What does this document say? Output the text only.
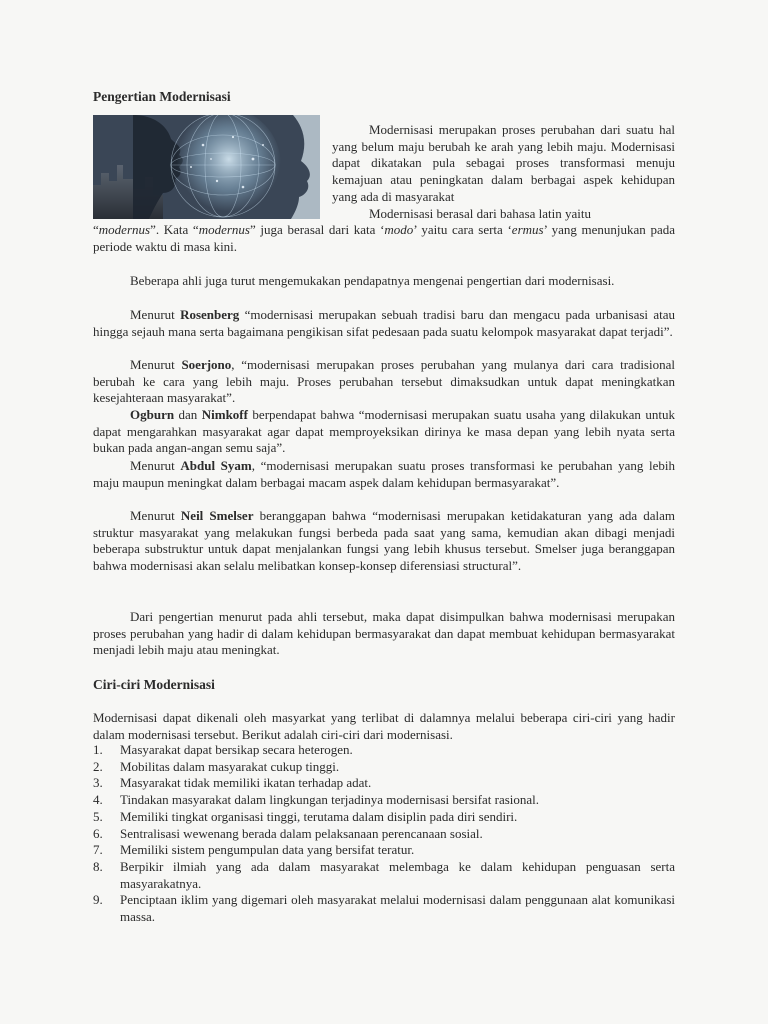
Pengertian Modernisasi

Modernisasi merupakan proses perubahan dari suatu hal yang belum maju berubah ke arah yang lebih maju. Modernisasi dapat dikatakan pula sebagai proses transformasi menuju kemajuan atau peningkatan dalam berbagai aspek kehidupan yang ada di masyarakat

Modernisasi berasal dari bahasa latin yaitu

“modernus”. Kata “modernus” juga berasal dari kata ‘modo’ yaitu cara serta ‘ermus’ yang menunjukan pada periode waktu di masa kini.

Beberapa ahli juga turut mengemukakan pendapatnya mengenai pengertian dari modernisasi.

Menurut Rosenberg “modernisasi merupakan sebuah tradisi baru dan mengacu pada urbanisasi atau hingga sejauh mana serta bagaimana pengikisan sifat pedesaan pada suatu kelompok masyarakat dapat terjadi”.

Menurut Soerjono, “modernisasi merupakan proses perubahan yang mulanya dari cara tradisional berubah ke cara yang lebih maju. Proses perubahan tersebut dimaksudkan untuk dapat meningkatkan kesejahteraan masyarakat”.

Ogburn dan Nimkoff berpendapat bahwa “modernisasi merupakan suatu usaha yang dilakukan untuk dapat mengarahkan masyarakat agar dapat memproyeksikan dirinya ke masa depan yang lebih nyata serta bukan pada angan-angan semu saja”.

Menurut Abdul Syam, “modernisasi merupakan suatu proses transformasi ke perubahan yang lebih maju maupun meningkat dalam berbagai macam aspek dalam kehidupan bermasyarakat”.

Menurut Neil Smelser beranggapan bahwa “modernisasi merupakan ketidakaturan yang ada dalam struktur masyarakat yang melakukan fungsi berbeda pada saat yang sama, kemudian akan dibagi menjadi beberapa substruktur untuk dapat menjalankan fungsi yang lebih khusus tersebut. Smelser juga beranggapan bahwa modernisasi akan selalu melibatkan konsep-konsep diferensiasi structural”.

Dari pengertian menurut pada ahli tersebut, maka dapat disimpulkan bahwa modernisasi merupakan proses perubahan yang hadir di dalam kehidupan bermasyarakat dan dapat membuat kehidupan bermasyarakat menjadi lebih maju atau meningkat.

Ciri-ciri Modernisasi

Modernisasi dapat dikenali oleh masyarkat yang terlibat di dalamnya melalui beberapa ciri-ciri yang hadir dalam modernisasi tersebut. Berikut adalah ciri-ciri dari modernisasi.

1. Masyarakat dapat bersikap secara heterogen.
2. Mobilitas dalam masyarakat cukup tinggi.
3. Masyarakat tidak memiliki ikatan terhadap adat.
4. Tindakan masyarakat dalam lingkungan terjadinya modernisasi bersifat rasional.
5. Memiliki tingkat organisasi tinggi, terutama dalam disiplin pada diri sendiri.
6. Sentralisasi wewenang berada dalam pelaksanaan perencanaan sosial.
7. Memiliki sistem pengumpulan data yang bersifat teratur.
8. Berpikir ilmiah yang ada dalam masyarakat melembaga ke dalam kehidupan penguasan serta masyarakatnya.
9. Penciptaan iklim yang digemari oleh masyarakat melalui modernisasi dalam penggunaan alat komunikasi massa.
